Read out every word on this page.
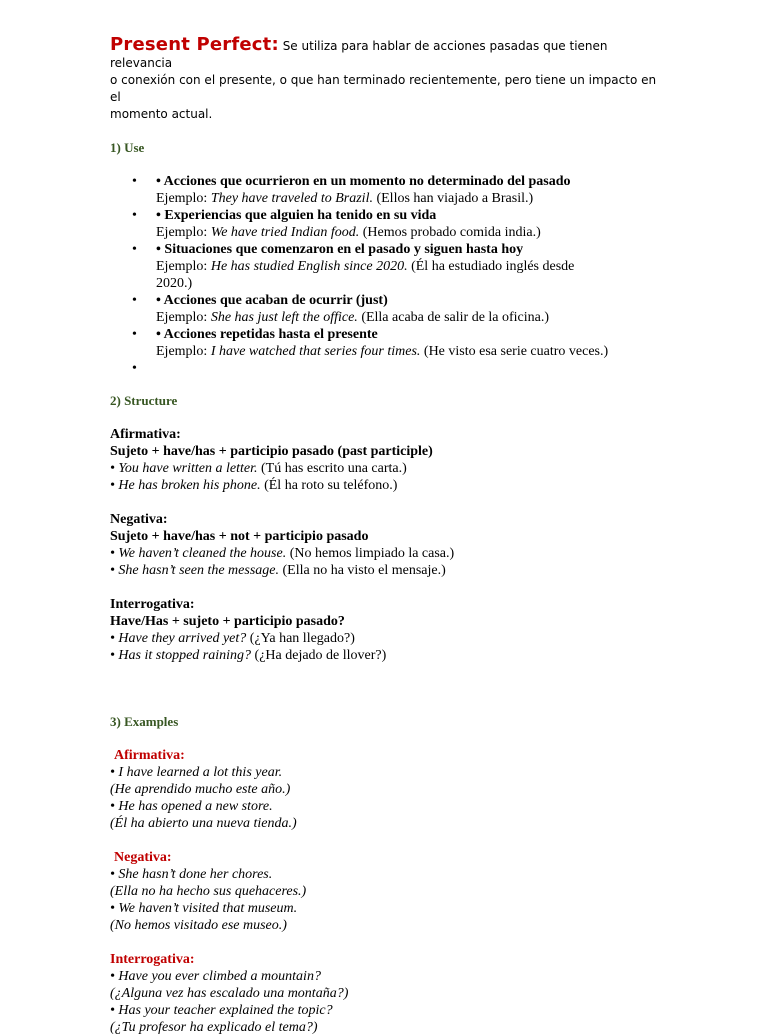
Present Perfect: Se utiliza para hablar de acciones pasadas que tienen relevancia
o conexión con el presente, o que han terminado recientemente, pero tiene un impacto en el
momento actual.
1) Use
• • Acciones que ocurrieron en un momento no determinado del pasado
Ejemplo: They have traveled to Brazil. (Ellos han viajado a Brasil.)
• • Experiencias que alguien ha tenido en su vida
Ejemplo: We have tried Indian food. (Hemos probado comida india.)
• • Situaciones que comenzaron en el pasado y siguen hasta hoy
Ejemplo: He has studied English since 2020. (Él ha estudiado inglés desde
2020.)
• • Acciones que acaban de ocurrir (just)
Ejemplo: She has just left the office. (Ella acaba de salir de la oficina.)
• • Acciones repetidas hasta el presente
Ejemplo: I have watched that series four times. (He visto esa serie cuatro veces.)
•

2) Structure
Afirmativa:
Sujeto + have/has + participio pasado (past participle)
• You have written a letter. (Tú has escrito una carta.)
• He has broken his phone. (Él ha roto su teléfono.)
Negativa:
Sujeto + have/has + not + participio pasado
• We haven’t cleaned the house. (No hemos limpiado la casa.)
• She hasn’t seen the message. (Ella no ha visto el mensaje.)
Interrogativa:
Have/Has + sujeto + participio pasado?
• Have they arrived yet? (¿Ya han llegado?)
• Has it stopped raining? (¿Ha dejado de llover?)
3) Examples
Afirmativa:
• I have learned a lot this year.
(He aprendido mucho este año.)
• He has opened a new store.
(Él ha abierto una nueva tienda.)
Negativa:
• She hasn’t done her chores.
(Ella no ha hecho sus quehaceres.)
• We haven’t visited that museum.
(No hemos visitado ese museo.)
Interrogativa:
• Have you ever climbed a mountain?
(¿Alguna vez has escalado una montaña?)
• Has your teacher explained the topic?
(¿Tu profesor ha explicado el tema?)
